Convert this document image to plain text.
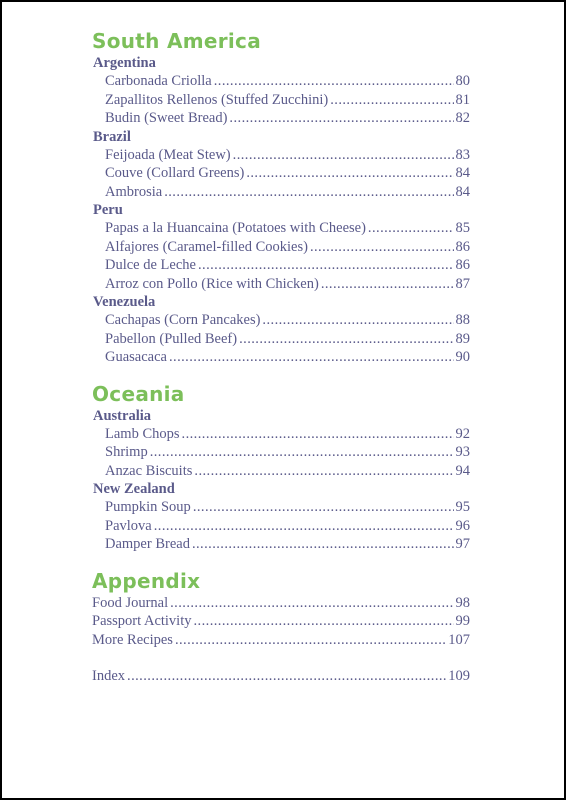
South America
Argentina
Carbonada Criolla . . .	80
Zapallitos Rellenos (Stuffed Zucchini) . . .	81
Budin (Sweet Bread) . . .	82
Brazil
Feijoada (Meat Stew) . . .	83
Couve (Collard Greens) . . .	84
Ambrosia . . .	84
Peru
Papas a la Huancaina (Potatoes with Cheese) . . .	85
Alfajores (Caramel-filled Cookies) . . .	86
Dulce de Leche . . .	86
Arroz con Pollo (Rice with Chicken) . . .	87
Venezuela
Cachapas (Corn Pancakes) . . .	88
Pabellon (Pulled Beef) . . .	89
Guasacaca . . .	90
Oceania
Australia
Lamb Chops . . .	92
Shrimp . . .	93
Anzac Biscuits . . .	94
New Zealand
Pumpkin Soup . . .	95
Pavlova . . .	96
Damper Bread . . .	97
Appendix
Food Journal . . .	98
Passport Activity . . .	99
More Recipes . . .	107
Index . . .	109
